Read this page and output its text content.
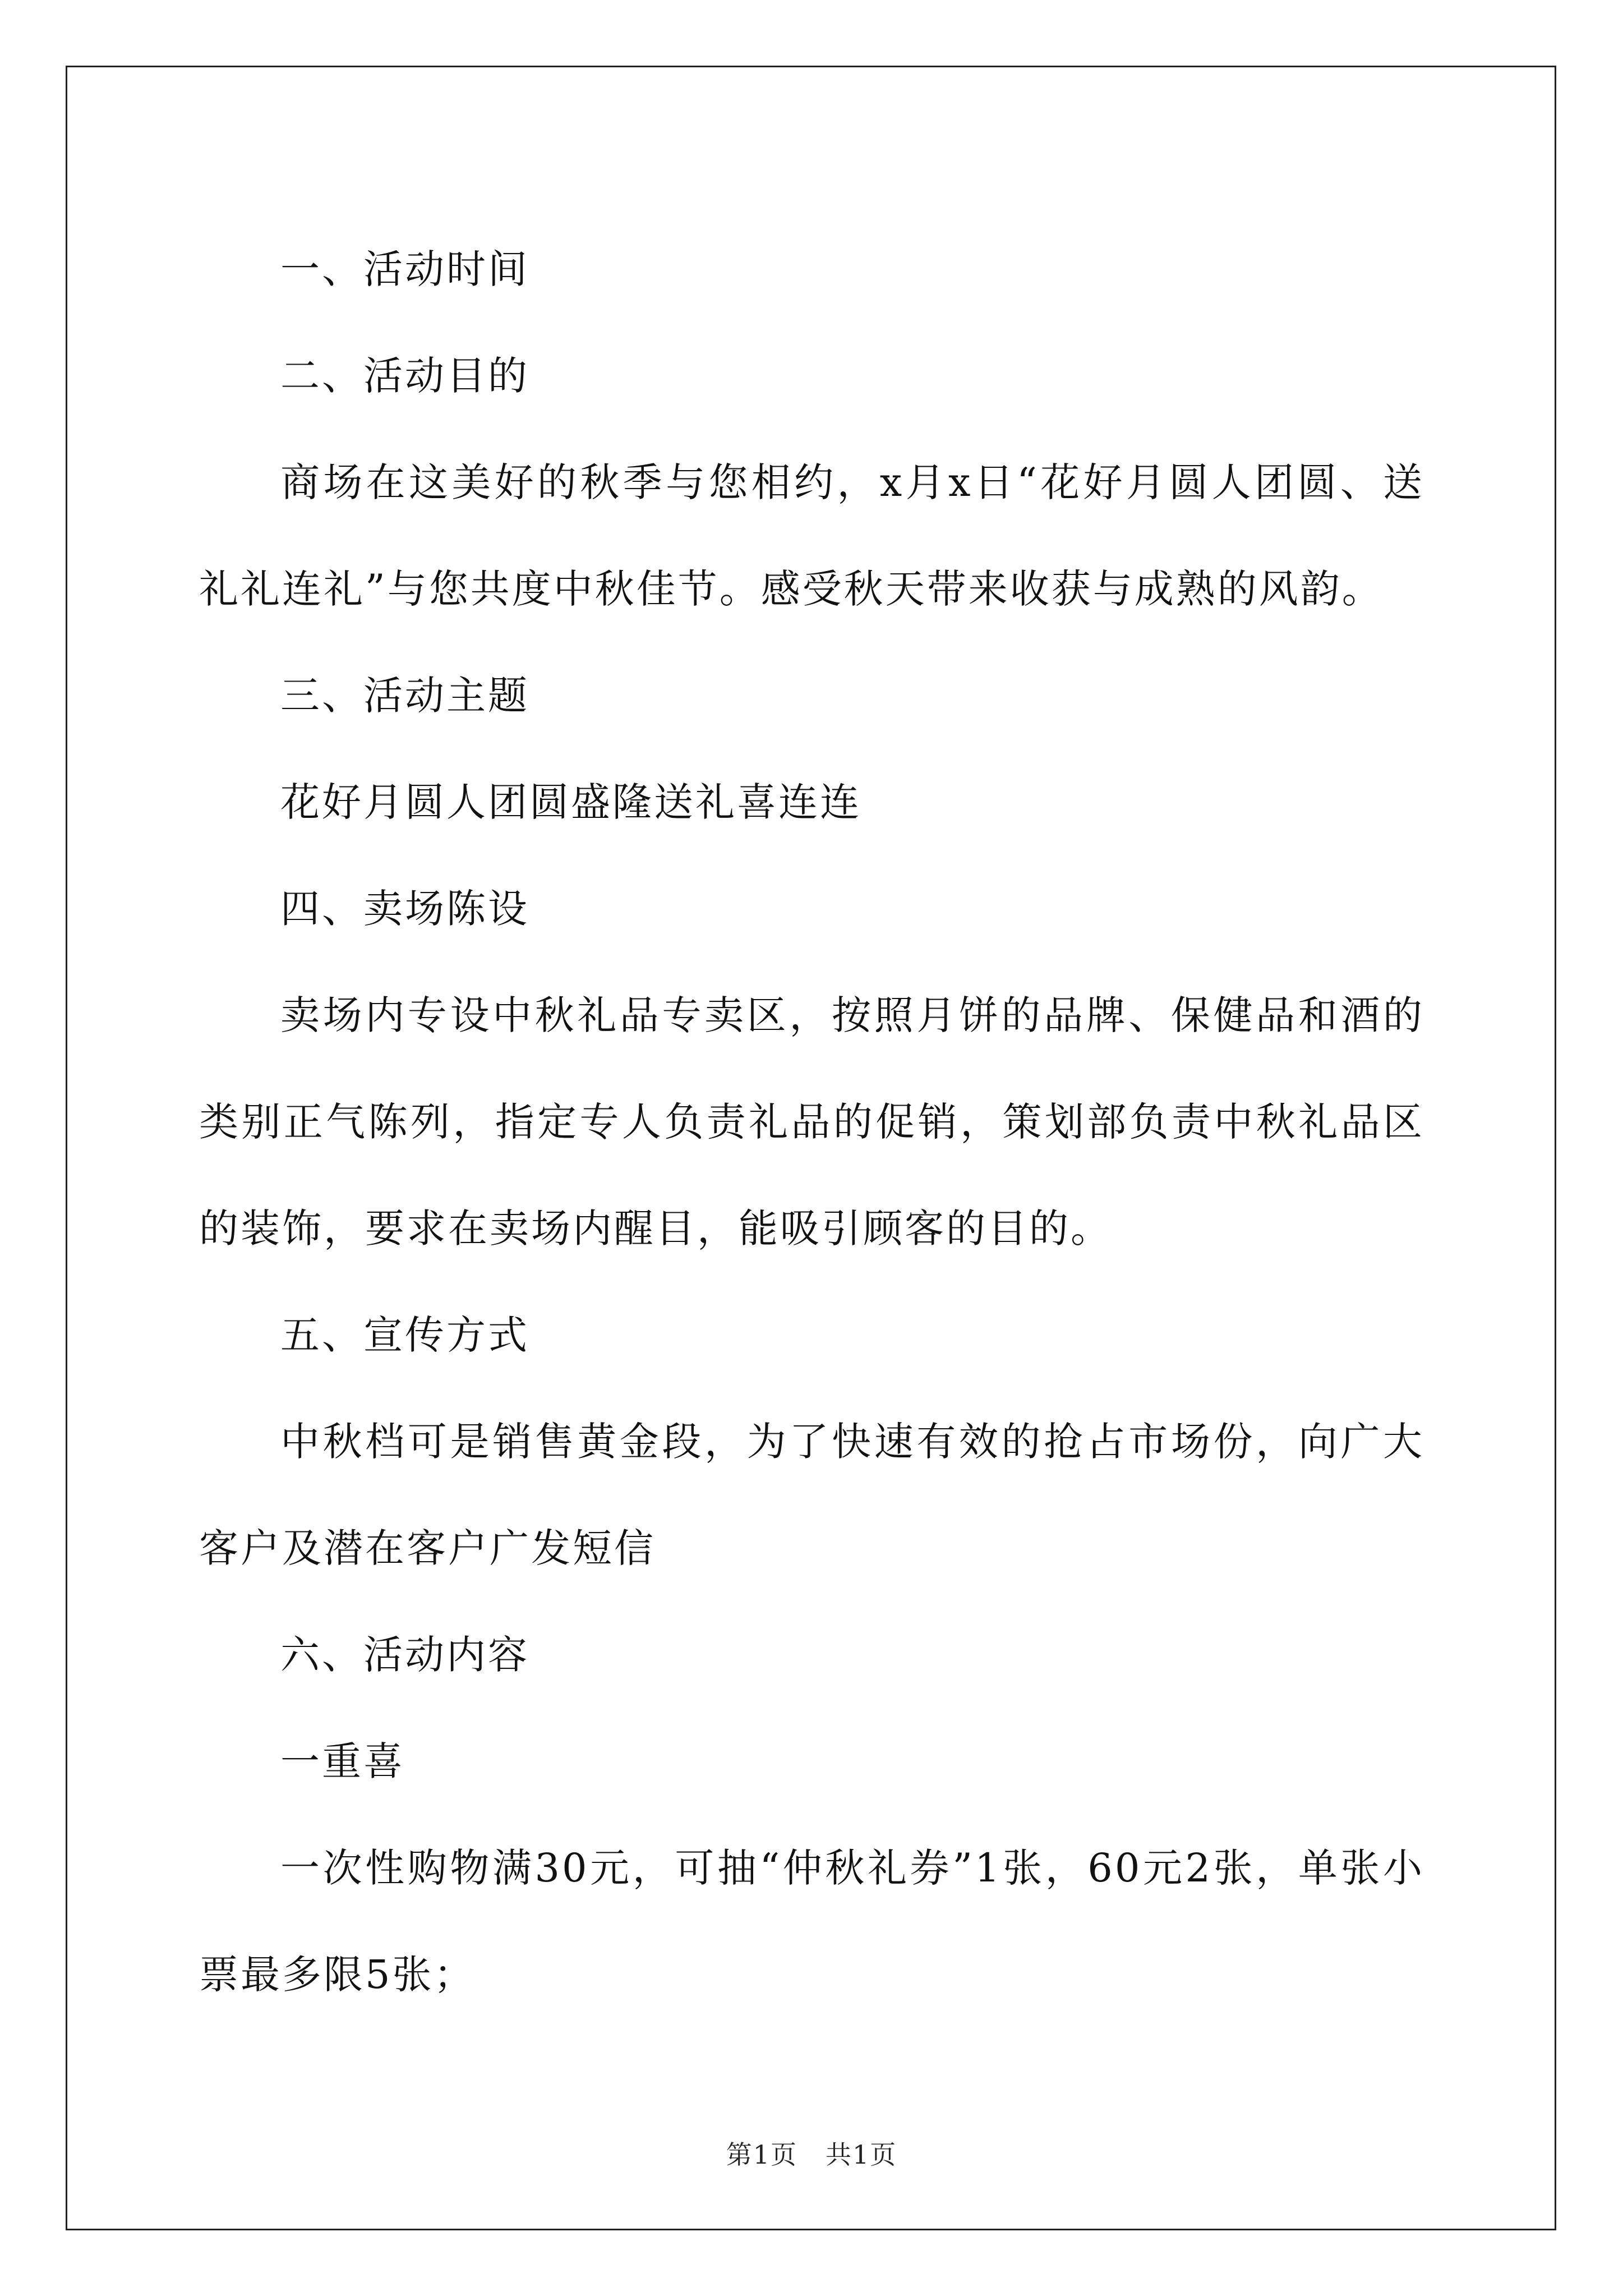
一、活动时间

二、活动目的

商场在这美好的秋季与您相约，x月x日“花好月圆人团圆、送礼礼连礼”与您共度中秋佳节。感受秋天带来收获与成熟的风韵。

三、活动主题

花好月圆人团圆盛隆送礼喜连连

四、卖场陈设

卖场内专设中秋礼品专卖区，按照月饼的品牌、保健品和酒的类别正气陈列，指定专人负责礼品的促销，策划部负责中秋礼品区的装饰，要求在卖场内醒目，能吸引顾客的目的。

五、宣传方式

中秋档可是销售黄金段，为了快速有效的抢占市场份，向广大客户及潜在客户广发短信

六、活动内容

一重喜

一次性购物满30元，可抽“仲秋礼券”1张，60元2张，单张小票最多限5张；

第1页 共1页
